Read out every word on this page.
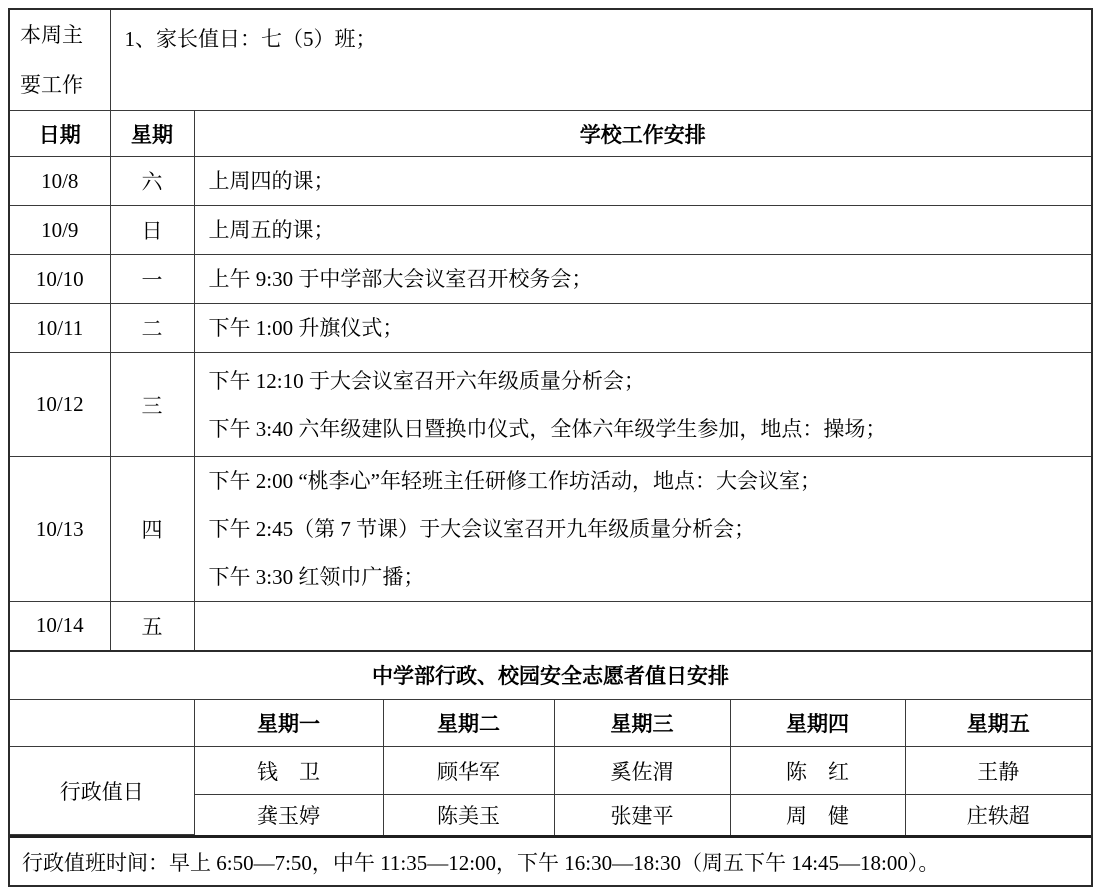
本周主
要工作	1、家长值日：七（5）班；	
日期	星期	学校工作安排
10/8	六	上周四的课；

10/9	日	上周五的课；

10/10	一	上午 9:30 于中学部大会议室召开校务会；

10/11	二	下午 1:00 升旗仪式；

10/12	三	下午 12:10 于大会议室召开六年级质量分析会；

下午 3:40 六年级建队日暨换巾仪式，全体六年级学生参加，地点：操场；

10/13	四	下午 2:00 “桃李心”年轻班主任研修工作坊活动，地点：大会议室；

下午 2:45（第 7 节课）于大会议室召开九年级质量分析会；

下午 3:30 红领巾广播；

10/14	五	

中学部行政、校园安全志愿者值日安排
	星期一	星期二	星期三	星期四	星期五
行政值日	钱　卫	顾华军	奚佐渭	陈　红	王静
	龚玉婷	陈美玉	张建平	周　健	庄轶超
行政值班时间：早上 6:50—7:50，中午 11:35—12:00，下午 16:30—18:30（周五下午 14:45—18:00）。
